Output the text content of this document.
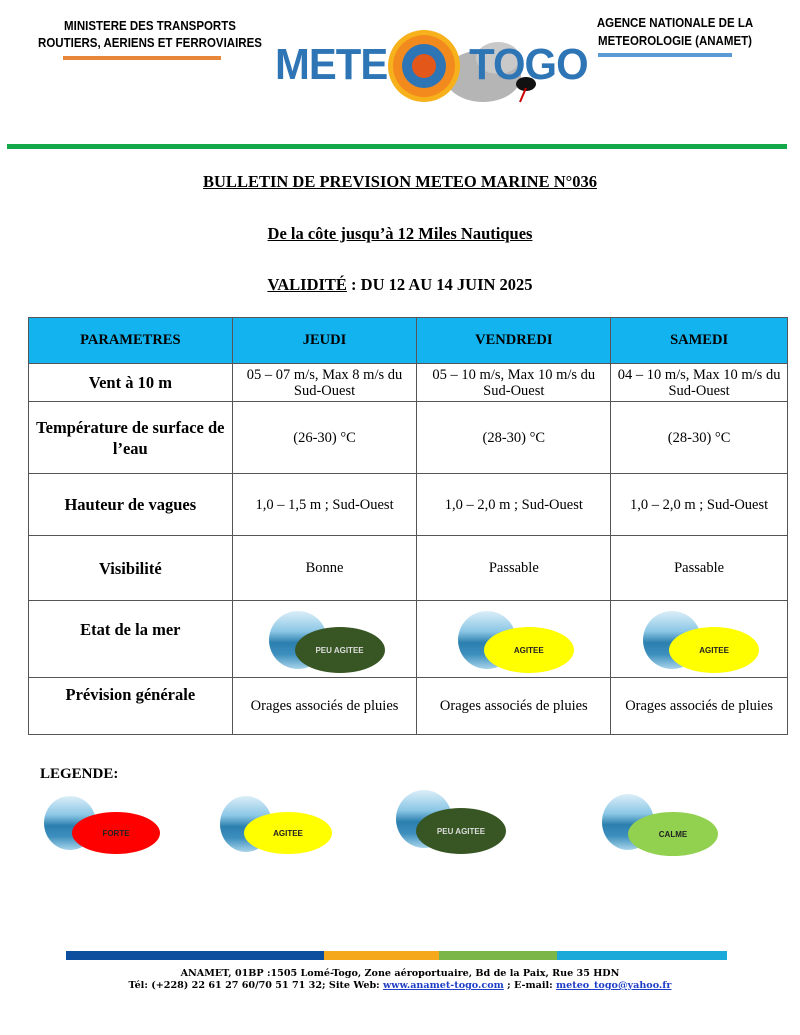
MINISTERE DES TRANSPORTS
ROUTIERS, AERIENS ET FERROVIAIRES METE TOGO
AGENCE NATIONALE DE LA
METEOROLOGIE (ANAMET)
BULLETIN DE PREVISION METEO MARINE N°036
De la côte jusqu’à 12 Miles Nautiques
VALIDITÉ : DU 12 AU 14 JUIN 2025
PARAMETRES	JEUDI	VENDREDI	SAMEDI
Vent à 10 m	05 – 07 m/s, Max 8 m/s du Sud-Ouest	05 – 10 m/s, Max 10 m/s du Sud-Ouest	04 – 10 m/s, Max 10 m/s du Sud-Ouest
Température de surface de l’eau	(26-30) °C	(28-30) °C	(28-30) °C
Hauteur de vagues	1,0 – 1,5 m ; Sud-Ouest	1,0 – 2,0 m ; Sud-Ouest	1,0 – 2,0 m ; Sud-Ouest
Visibilité	Bonne	Passable	Passable
Etat de la mer	PEU AGITEE	AGITEE	AGITEE

Prévision générale	Orages associés de pluies	Orages associés de pluies	Orages associés de pluies
LEGENDE:
FORTE	AGITEE	PEU AGITEE	CALME
ANAMET, 01BP :1505 Lomé-Togo, Zone aéroportuaire, Bd de la Paix, Rue 35 HDN
Tél: (+228) 22 61 27 60/70 51 71 32; Site Web: www.anamet-togo.com ; E-mail: meteo_togo@yahoo.fr
